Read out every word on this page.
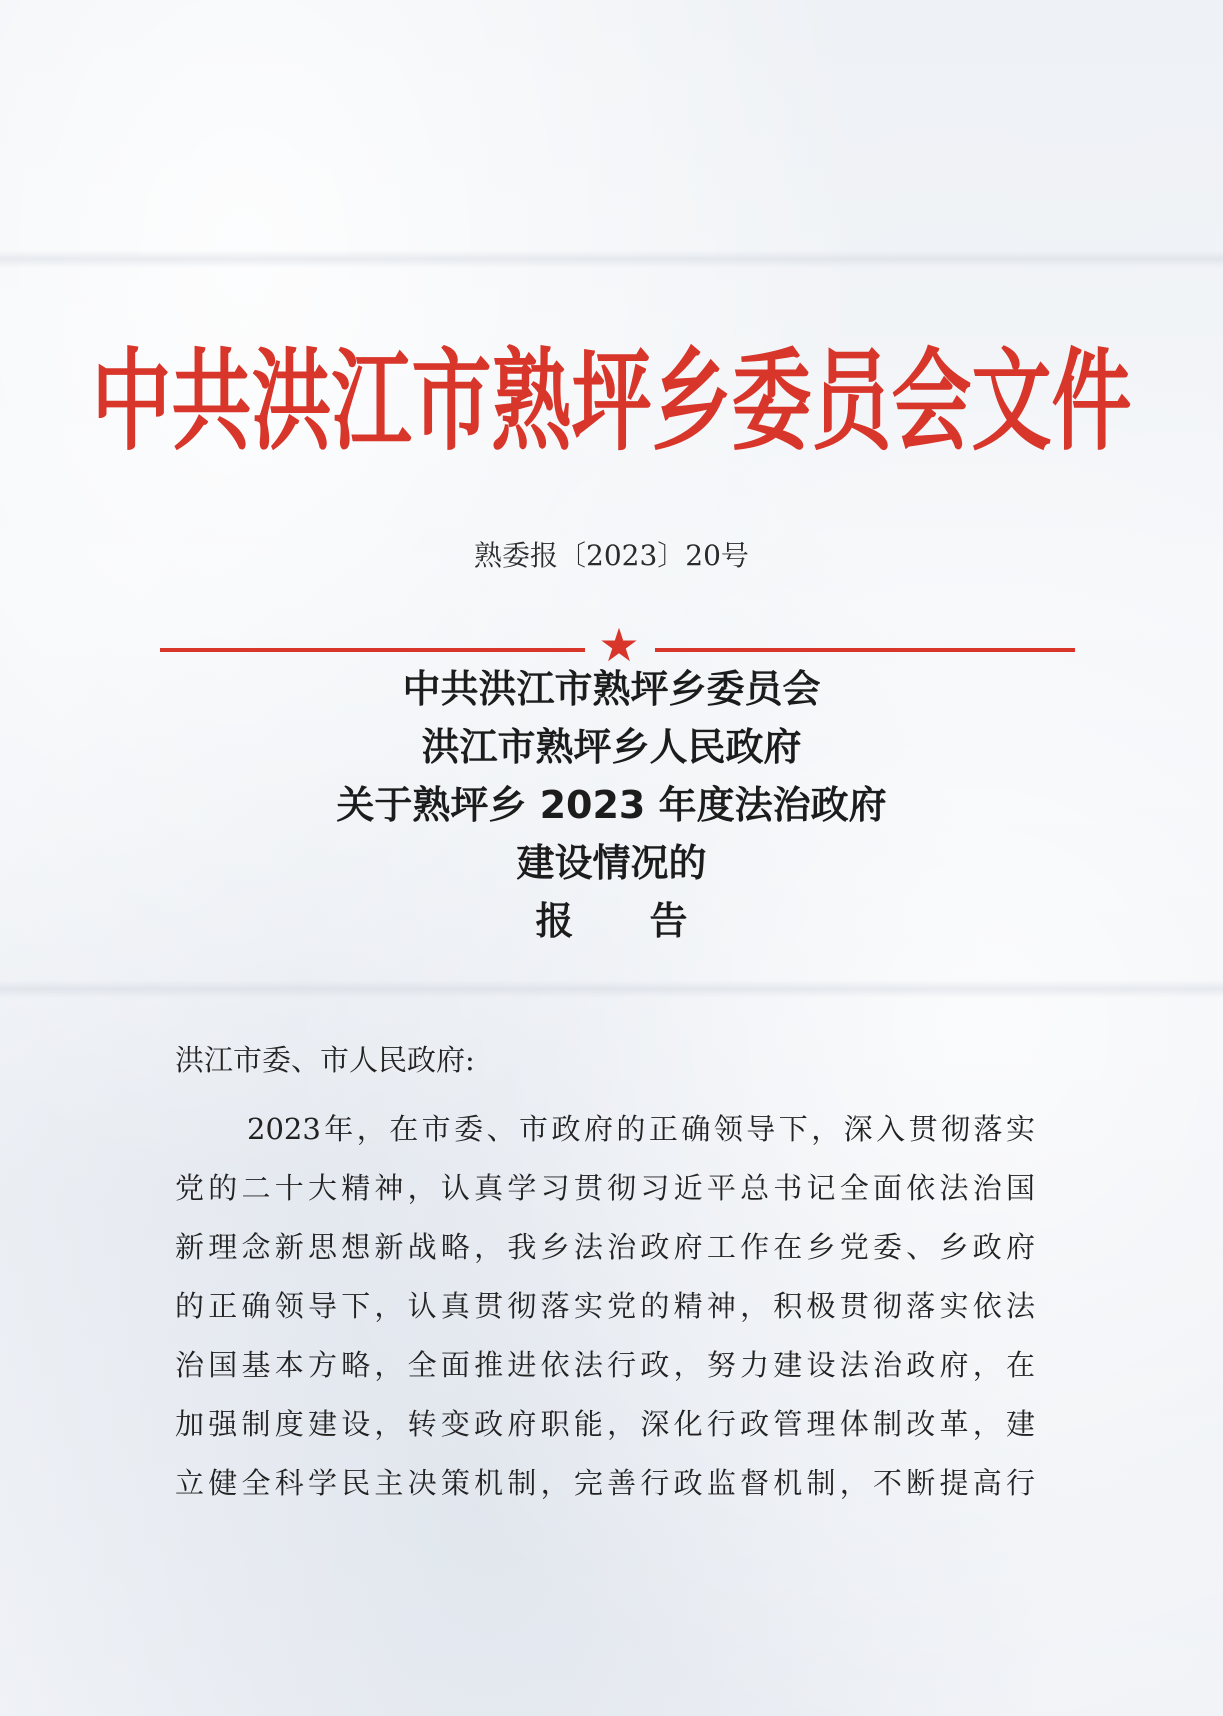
中共洪江市熟坪乡委员会文件
熟委报〔2023〕20号
★
中共洪江市熟坪乡委员会
洪江市熟坪乡人民政府
关于熟坪乡 2023 年度法治政府
建设情况的
报　　告
洪江市委、市人民政府:
2023年，在市委、市政府的正确领导下，深入贯彻落实
党的二十大精神，认真学习贯彻习近平总书记全面依法治国
新理念新思想新战略，我乡法治政府工作在乡党委、乡政府
的正确领导下，认真贯彻落实党的精神，积极贯彻落实依法
治国基本方略，全面推进依法行政，努力建设法治政府，在
加强制度建设，转变政府职能，深化行政管理体制改革，建
立健全科学民主决策机制，完善行政监督机制，不断提高行
